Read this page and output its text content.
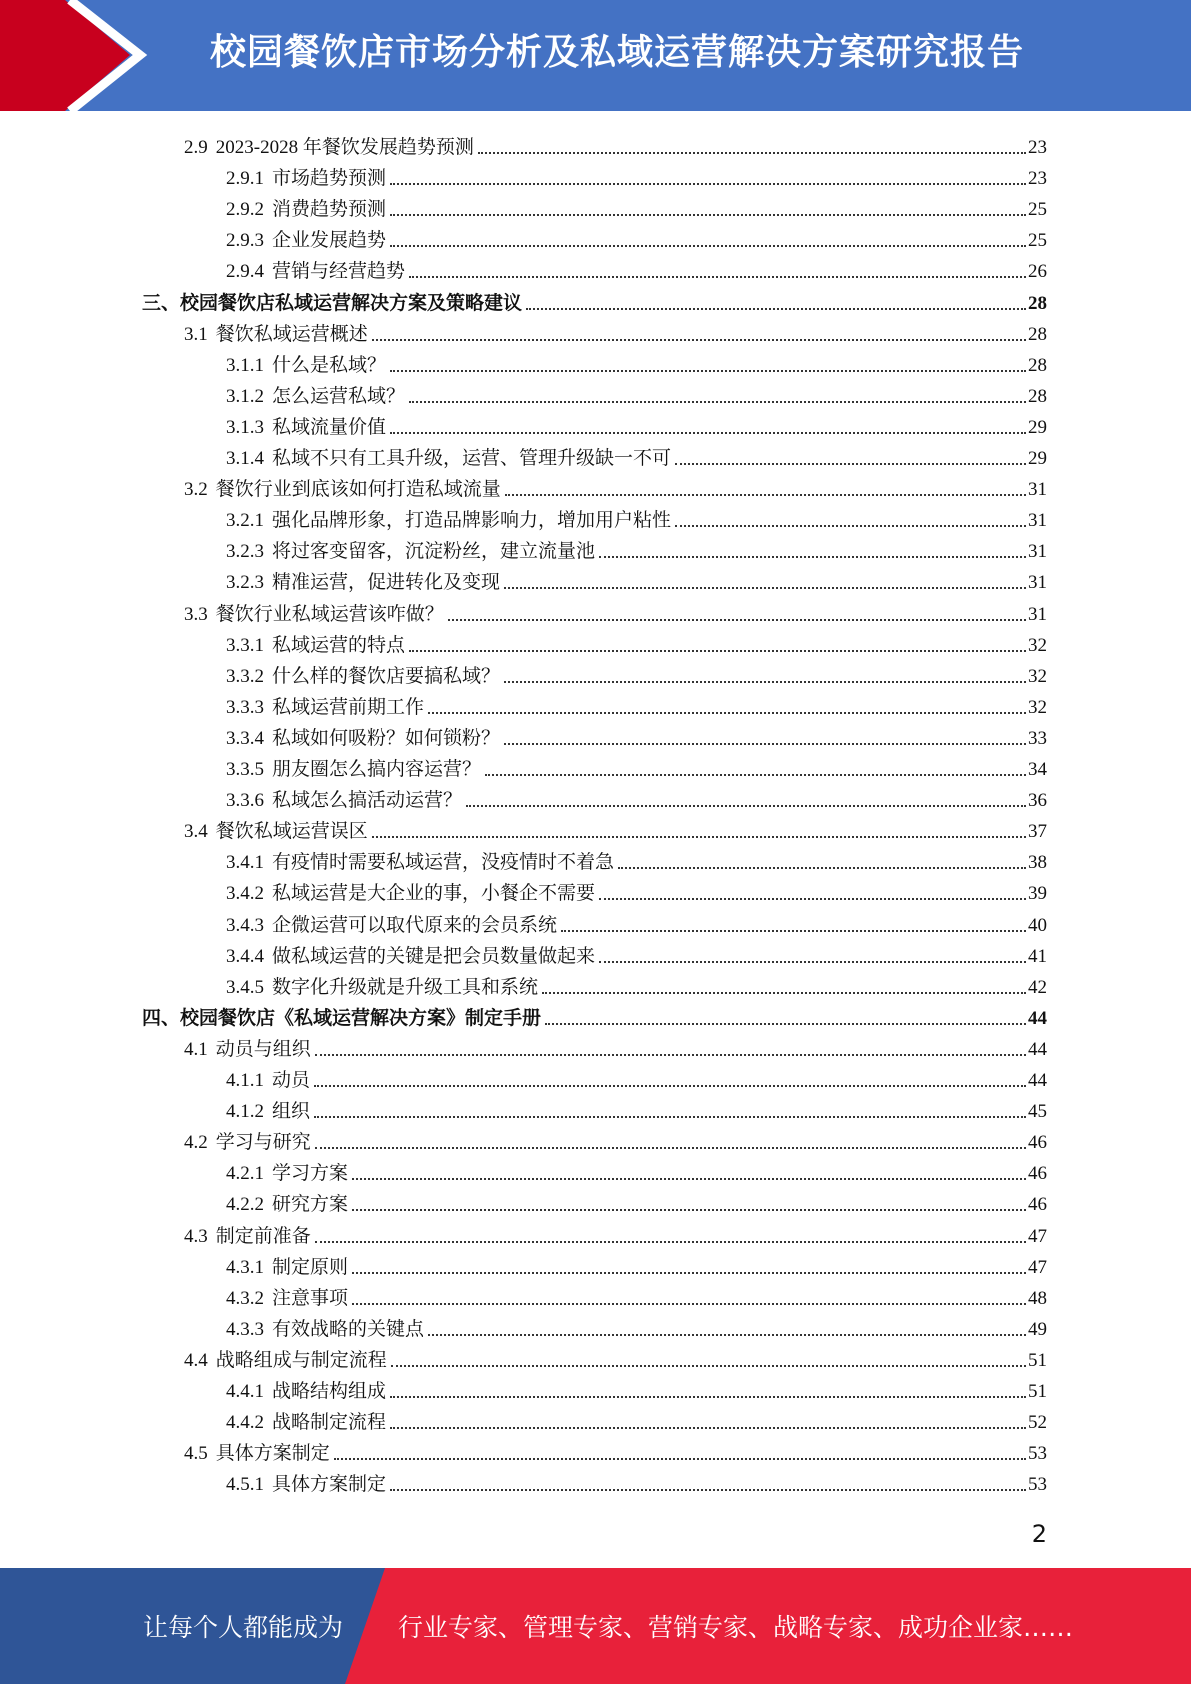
校园餐饮店市场分析及私域运营解决方案研究报告
2.9 2023-2028 年餐饮发展趋势预测	23
2.9.1 市场趋势预测	23
2.9.2 消费趋势预测	25
2.9.3 企业发展趋势	25
2.9.4 营销与经营趋势	26
三、校园餐饮店私域运营解决方案及策略建议	28
3.1 餐饮私域运营概述	28
3.1.1 什么是私域？	28
3.1.2 怎么运营私域？	28
3.1.3 私域流量价值	29
3.1.4 私域不只有工具升级，运营、管理升级缺一不可	29
3.2 餐饮行业到底该如何打造私域流量	31
3.2.1 强化品牌形象，打造品牌影响力，增加用户粘性	31
3.2.3 将过客变留客，沉淀粉丝，建立流量池	31
3.2.3 精准运营，促进转化及变现	31
3.3 餐饮行业私域运营该咋做？	31
3.3.1 私域运营的特点	32
3.3.2 什么样的餐饮店要搞私域？	32
3.3.3 私域运营前期工作	32
3.3.4 私域如何吸粉？如何锁粉？	33
3.3.5 朋友圈怎么搞内容运营？	34
3.3.6 私域怎么搞活动运营？	36
3.4 餐饮私域运营误区	37
3.4.1 有疫情时需要私域运营，没疫情时不着急	38
3.4.2 私域运营是大企业的事，小餐企不需要	39
3.4.3 企微运营可以取代原来的会员系统	40
3.4.4 做私域运营的关键是把会员数量做起来	41
3.4.5 数字化升级就是升级工具和系统	42
四、校园餐饮店《私域运营解决方案》制定手册	44
4.1 动员与组织	44
4.1.1 动员	44
4.1.2 组织	45
4.2 学习与研究	46
4.2.1 学习方案	46
4.2.2 研究方案	46
4.3 制定前准备	47
4.3.1 制定原则	47
4.3.2 注意事项	48
4.3.3 有效战略的关键点	49
4.4 战略组成与制定流程	51
4.4.1 战略结构组成	51
4.4.2 战略制定流程	52
4.5 具体方案制定	53
4.5.1 具体方案制定	53
2
让每个人都能成为 行业专家、管理专家、营销专家、战略专家、成功企业家……
